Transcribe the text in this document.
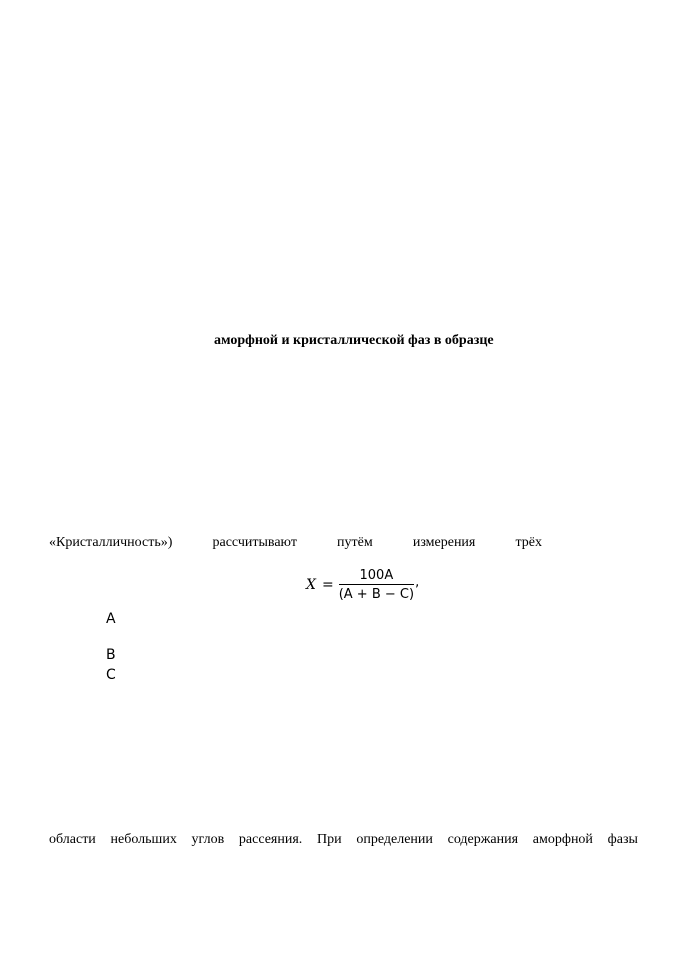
аморфной и кристаллической фаз в образце
«Кристалличность»)	рассчитывают	путём	измерения	трёх
$X = \frac{100A}{(A + B - C)}$ ,
A
B
C
области небольших углов рассеяния. При определении содержания аморфной фазы
